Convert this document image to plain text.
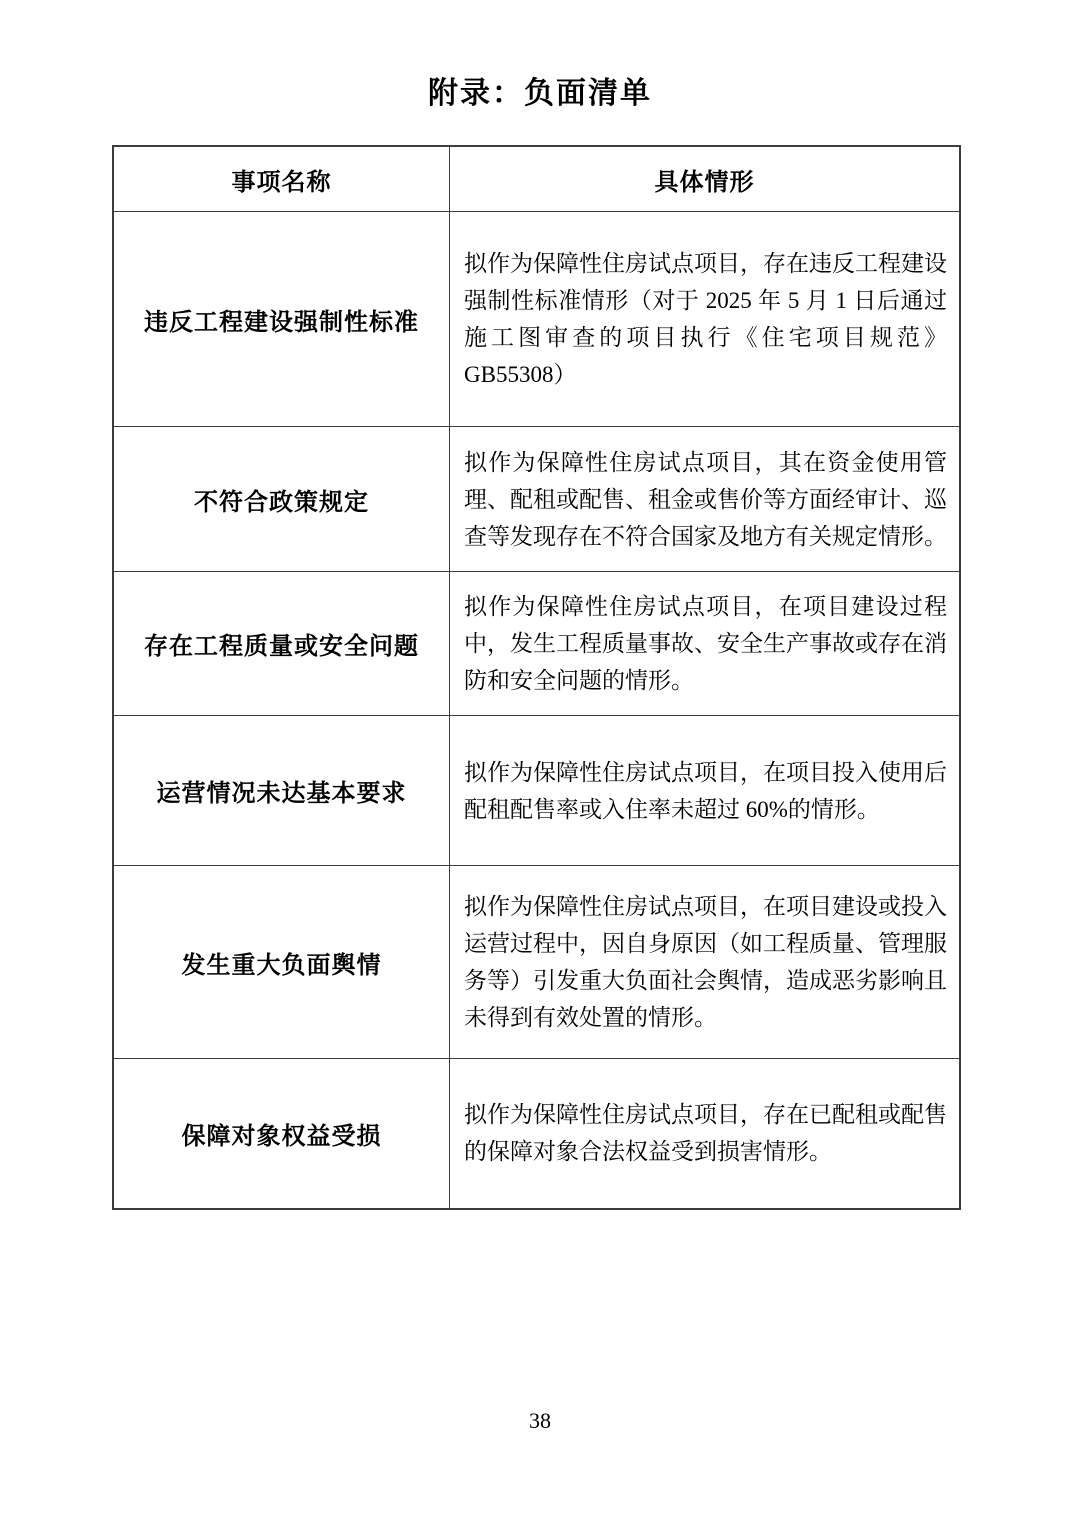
附录：负面清单
事项名称	具体情形
违反工程建设强制性标准	拟作为保障性住房试点项目，存在违反工程建设强制性标准情形（对于 2025 年 5 月 1 日后通过施工图审查的项目执行《住宅项目规范》GB55308）
不符合政策规定	拟作为保障性住房试点项目，其在资金使用管理、配租或配售、租金或售价等方面经审计、巡查等发现存在不符合国家及地方有关规定情形。
存在工程质量或安全问题	拟作为保障性住房试点项目，在项目建设过程中，发生工程质量事故、安全生产事故或存在消防和安全问题的情形。
运营情况未达基本要求	拟作为保障性住房试点项目，在项目投入使用后配租配售率或入住率未超过 60%的情形。
发生重大负面舆情	拟作为保障性住房试点项目，在项目建设或投入运营过程中，因自身原因（如工程质量、管理服务等）引发重大负面社会舆情，造成恶劣影响且未得到有效处置的情形。
保障对象权益受损	拟作为保障性住房试点项目，存在已配租或配售的保障对象合法权益受到损害情形。
38
